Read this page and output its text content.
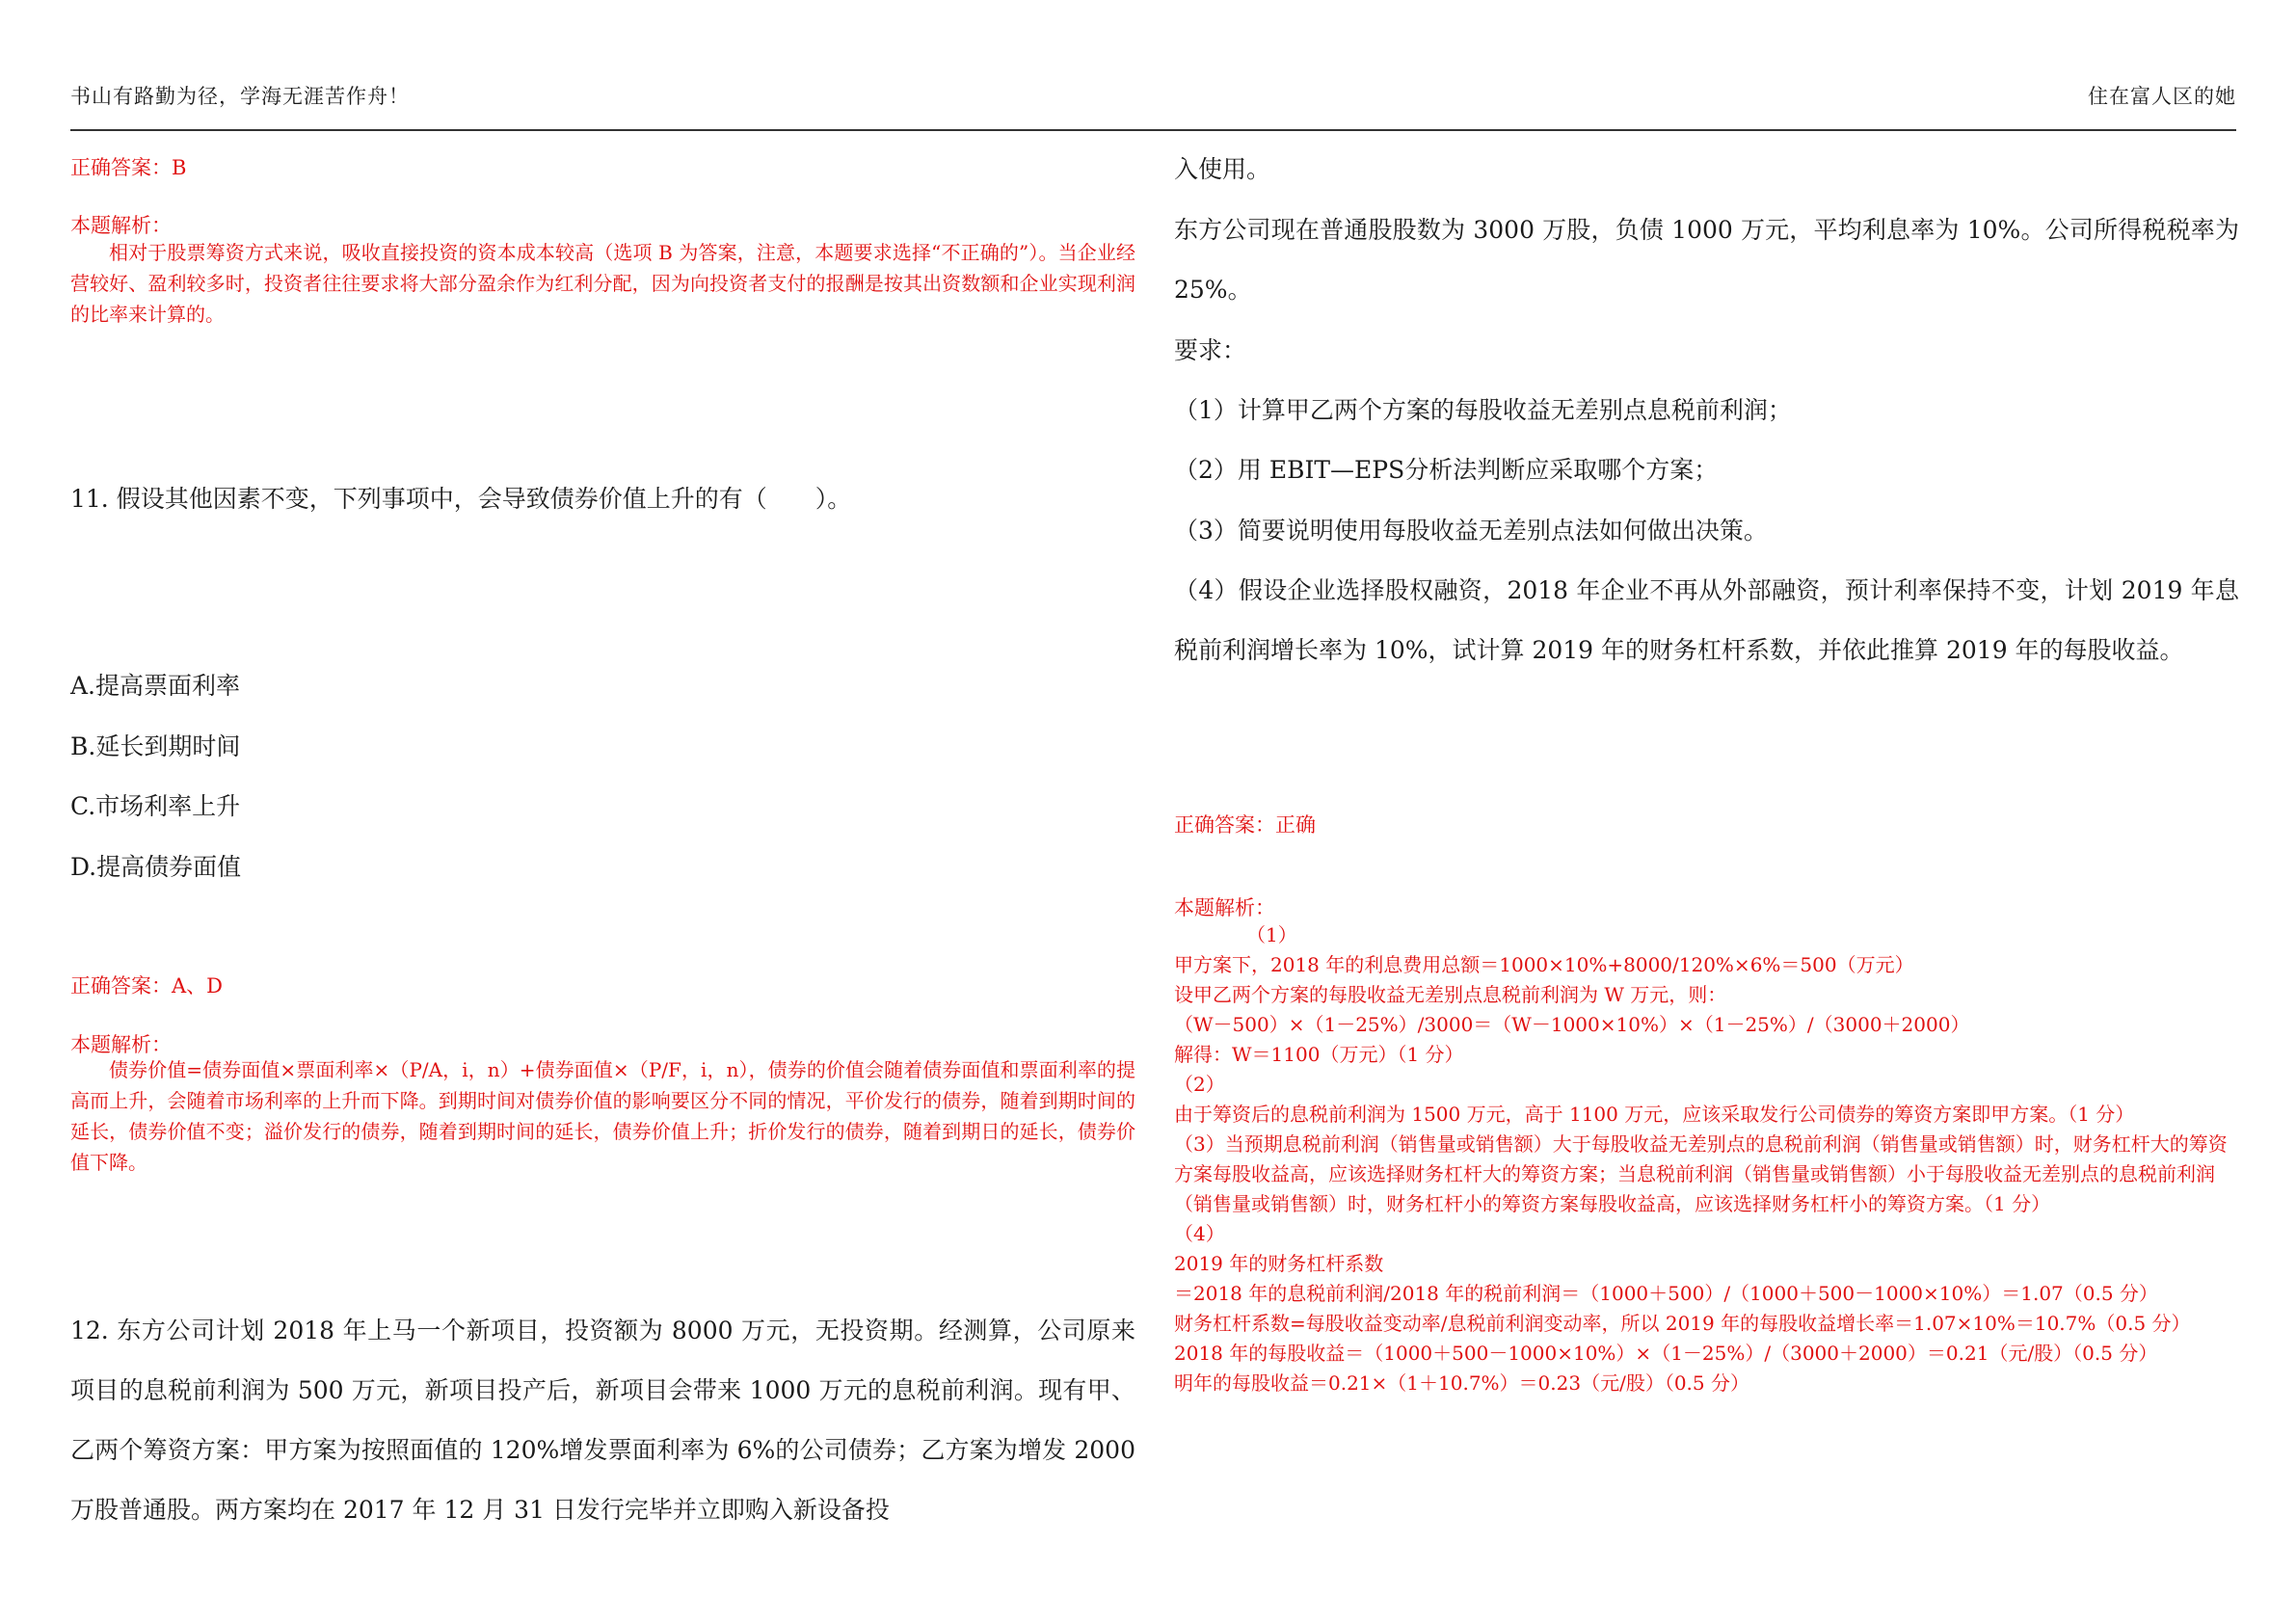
书山有路勤为径，学海无涯苦作舟！	住在富人区的她
正确答案：B
本题解析：
相对于股票筹资方式来说，吸收直接投资的资本成本较高（选项 B 为答案，注意，本题要求选择“不正确的”）。当企业经营较好、盈利较多时，投资者往往要求将大部分盈余作为红利分配，因为向投资者支付的报酬是按其出资数额和企业实现利润的比率来计算的。
11. 假设其他因素不变，下列事项中，会导致债券价值上升的有（　　）。
A.提高票面利率
B.延长到期时间
C.市场利率上升
D.提高债券面值
正确答案：A、D
本题解析：
债券价值=债券面值×票面利率×（P/A，i，n）+债券面值×（P/F，i，n），债券的价值会随着债券面值和票面利率的提高而上升，会随着市场利率的上升而下降。到期时间对债券价值的影响要区分不同的情况，平价发行的债券，随着到期时间的延长，债券价值不变；溢价发行的债券，随着到期时间的延长，债券价值上升；折价发行的债券，随着到期日的延长，债券价值下降。
12. 东方公司计划 2018 年上马一个新项目，投资额为 8000 万元，无投资期。经测算，公司原来项目的息税前利润为 500 万元，新项目投产后，新项目会带来 1000 万元的息税前利润。现有甲、乙两个筹资方案：甲方案为按照面值的 120%增发票面利率为 6%的公司债券；乙方案为增发 2000 万股普通股。两方案均在 2017 年 12 月 31 日发行完毕并立即购入新设备投
入使用。
东方公司现在普通股股数为 3000 万股，负债 1000 万元，平均利息率为 10%。公司所得税税率为 25%。
要求：
（1）计算甲乙两个方案的每股收益无差别点息税前利润；
（2）用 EBIT—EPS分析法判断应采取哪个方案；
（3）简要说明使用每股收益无差别点法如何做出决策。
（4）假设企业选择股权融资，2018 年企业不再从外部融资，预计利率保持不变，计划 2019 年息税前利润增长率为 10%，试计算 2019 年的财务杠杆系数，并依此推算 2019 年的每股收益。
正确答案：正确
本题解析：
（1）
甲方案下，2018 年的利息费用总额＝1000×10%+8000/120%×6%＝500（万元）
设甲乙两个方案的每股收益无差别点息税前利润为 W 万元，则：
（W－500）×（1－25%）/3000＝（W－1000×10%）×（1－25%）/（3000＋2000）
解得：W＝1100（万元）（1 分）
（2）
由于筹资后的息税前利润为 1500 万元，高于 1100 万元，应该采取发行公司债券的筹资方案即甲方案。（1 分）
（3）当预期息税前利润（销售量或销售额）大于每股收益无差别点的息税前利润（销售量或销售额）时，财务杠杆大的筹资方案每股收益高，应该选择财务杠杆大的筹资方案；当息税前利润（销售量或销售额）小于每股收益无差别点的息税前利润（销售量或销售额）时，财务杠杆小的筹资方案每股收益高，应该选择财务杠杆小的筹资方案。（1 分）
（4）
2019 年的财务杠杆系数
＝2018 年的息税前利润/2018 年的税前利润＝（1000＋500）/（1000＋500－1000×10%）＝1.07（0.5 分）
财务杠杆系数=每股收益变动率/息税前利润变动率，所以 2019 年的每股收益增长率＝1.07×10%＝10.7%（0.5 分）
2018 年的每股收益＝（1000＋500－1000×10%）×（1－25%）/（3000＋2000）＝0.21（元/股）（0.5 分）
明年的每股收益＝0.21×（1＋10.7%）＝0.23（元/股）（0.5 分）
